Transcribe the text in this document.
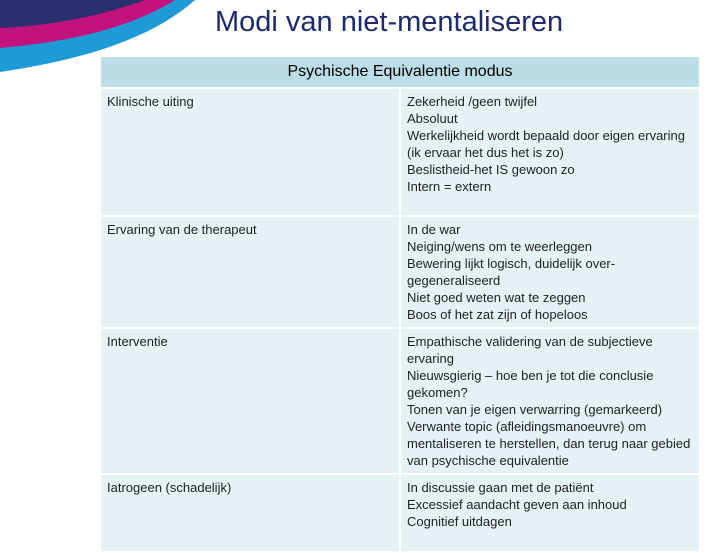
Modi van niet-mentaliseren
Psychische Equivalentie modus	
Klinische uiting	Zekerheid /geen twijfel
Absoluut
Werkelijkheid wordt bepaald door eigen ervaring (ik ervaar het dus het is zo)
Beslistheid-het IS gewoon zo
Intern = extern

Ervaring van de therapeut	In de war
Neiging/wens om te weerleggen
Bewering lijkt logisch, duidelijk over-gegeneraliseerd
Niet goed weten wat te zeggen
Boos of het zat zijn of hopeloos

Interventie	Empathische validering van de subjectieve ervaring
Nieuwsgierig – hoe ben je tot die conclusie gekomen?
Tonen van je eigen verwarring (gemarkeerd)
Verwante topic (afleidingsmanoeuvre) om mentaliseren te herstellen, dan terug naar gebied van psychische equivalentie

Iatrogeen (schadelijk)	In discussie gaan met de patiënt
Excessief aandacht geven aan inhoud
Cognitief uitdagen
